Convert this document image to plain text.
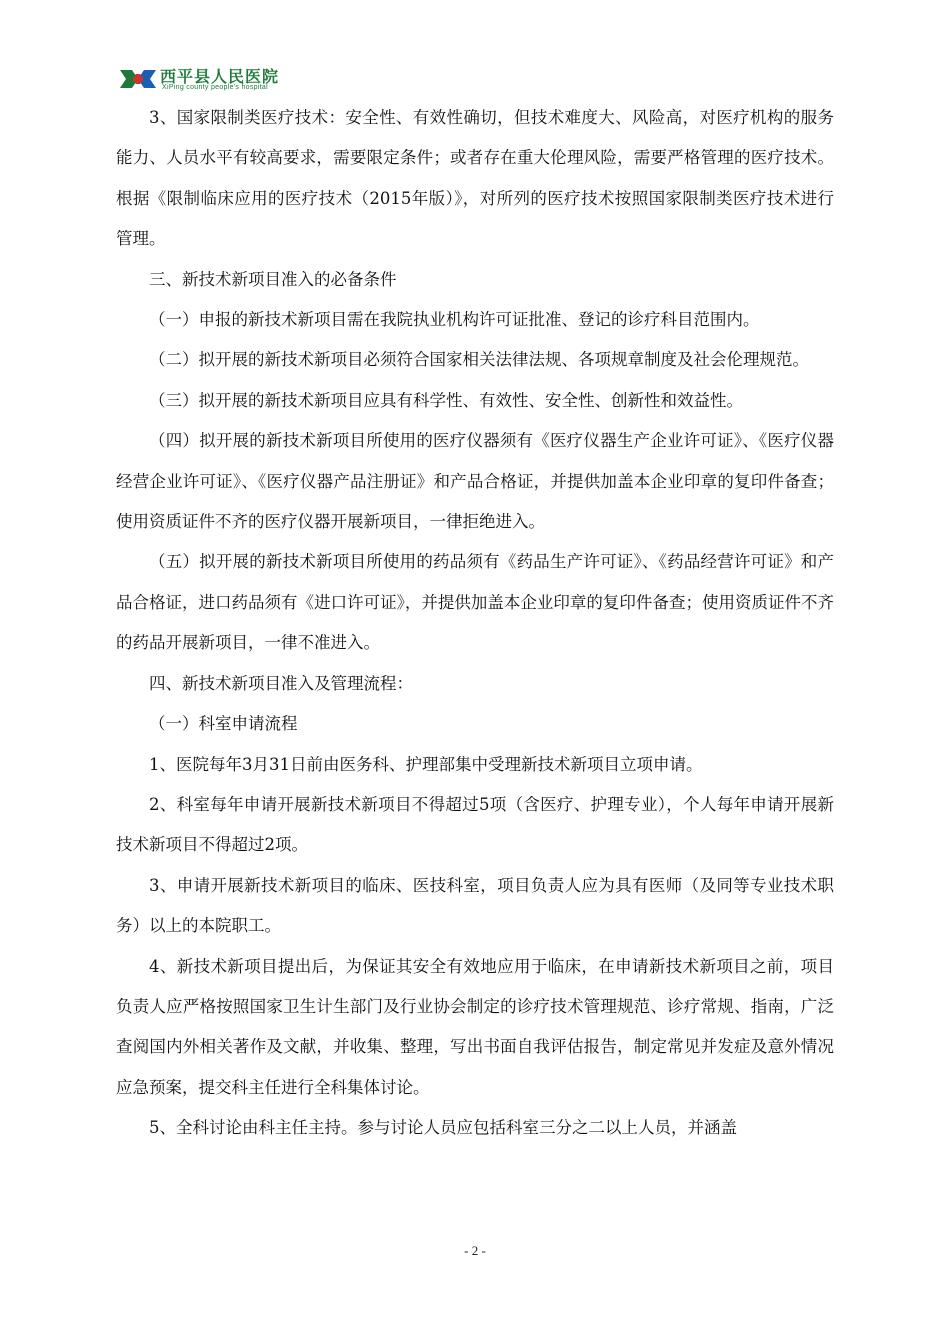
西平县人民医院
XiPing county people's hospital

3、国家限制类医疗技术：安全性、有效性确切，但技术难度大、风险高，对医疗机构的服务能力、人员水平有较高要求，需要限定条件；或者存在重大伦理风险，需要严格管理的医疗技术。根据《限制临床应用的医疗技术（2015年版）》，对所列的医疗技术按照国家限制类医疗技术进行管理。

三、新技术新项目准入的必备条件

（一）申报的新技术新项目需在我院执业机构许可证批准、登记的诊疗科目范围内。

（二）拟开展的新技术新项目必须符合国家相关法律法规、各项规章制度及社会伦理规范。

（三）拟开展的新技术新项目应具有科学性、有效性、安全性、创新性和效益性。

（四）拟开展的新技术新项目所使用的医疗仪器须有《医疗仪器生产企业许可证》、《医疗仪器经营企业许可证》、《医疗仪器产品注册证》和产品合格证，并提供加盖本企业印章的复印件备查；使用资质证件不齐的医疗仪器开展新项目，一律拒绝进入。

（五）拟开展的新技术新项目所使用的药品须有《药品生产许可证》、《药品经营许可证》和产品合格证，进口药品须有《进口许可证》，并提供加盖本企业印章的复印件备查；使用资质证件不齐的药品开展新项目，一律不准进入。

四、新技术新项目准入及管理流程：

（一）科室申请流程

1、医院每年3月31日前由医务科、护理部集中受理新技术新项目立项申请。

2、科室每年申请开展新技术新项目不得超过5项（含医疗、护理专业），个人每年申请开展新技术新项目不得超过2项。

3、申请开展新技术新项目的临床、医技科室，项目负责人应为具有医师（及同等专业技术职务）以上的本院职工。

4、新技术新项目提出后，为保证其安全有效地应用于临床，在申请新技术新项目之前，项目负责人应严格按照国家卫生计生部门及行业协会制定的诊疗技术管理规范、诊疗常规、指南，广泛查阅国内外相关著作及文献，并收集、整理，写出书面自我评估报告，制定常见并发症及意外情况应急预案，提交科主任进行全科集体讨论。

5、全科讨论由科主任主持。参与讨论人员应包括科室三分之二以上人员，并涵盖

- 2 -
